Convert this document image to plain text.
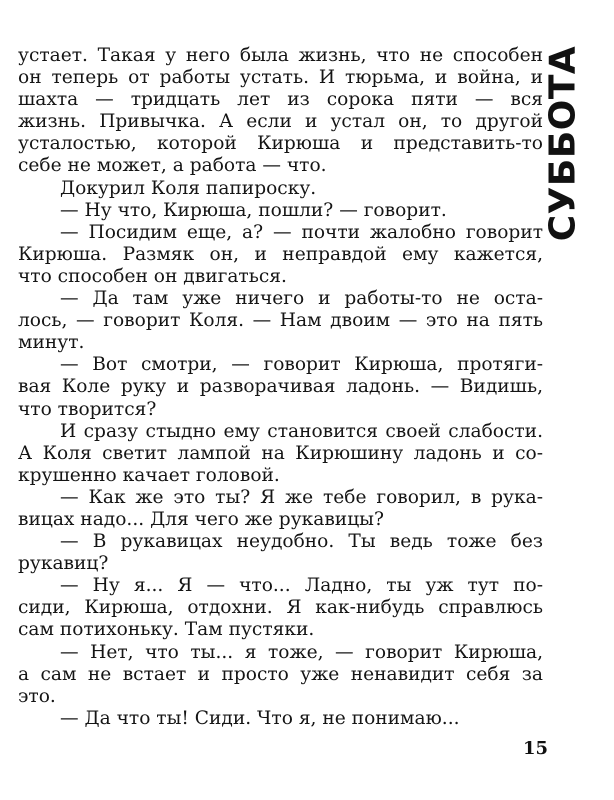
устает. Такая у него была жизнь, что не способен
он теперь от работы устать. И тюрьма, и война, и
шахта — тридцать лет из сорока пяти — вся
жизнь. Привычка. А если и устал он, то другой
усталостью, которой Кирюша и представить-то
себе не может, а работа — что.
Докурил Коля папироску.
— Ну что, Кирюша, пошли? — говорит.
— Посидим еще, а? — почти жалобно говорит
Кирюша. Размяк он, и неправдой ему кажется,
что способен он двигаться.
— Да там уже ничего и работы-то не оста-
лось, — говорит Коля. — Нам двоим — это на пять
минут.
— Вот смотри, — говорит Кирюша, протяги-
вая Коле руку и разворачивая ладонь. — Видишь,
что творится?
И сразу стыдно ему становится своей слабости.
А Коля светит лампой на Кирюшину ладонь и со-
крушенно качает головой.
— Как же это ты? Я же тебе говорил, в рука-
вицах надо... Для чего же рукавицы?
— В рукавицах неудобно. Ты ведь тоже без
рукавиц?
— Ну я... Я — что... Ладно, ты уж тут по-
сиди, Кирюша, отдохни. Я как-нибудь справлюсь
сам потихоньку. Там пустяки.
— Нет, что ты... я тоже, — говорит Кирюша,
а сам не встает и просто уже ненавидит себя за
это.
— Да что ты! Сиди. Что я, не понимаю...
СУББОТА
15
